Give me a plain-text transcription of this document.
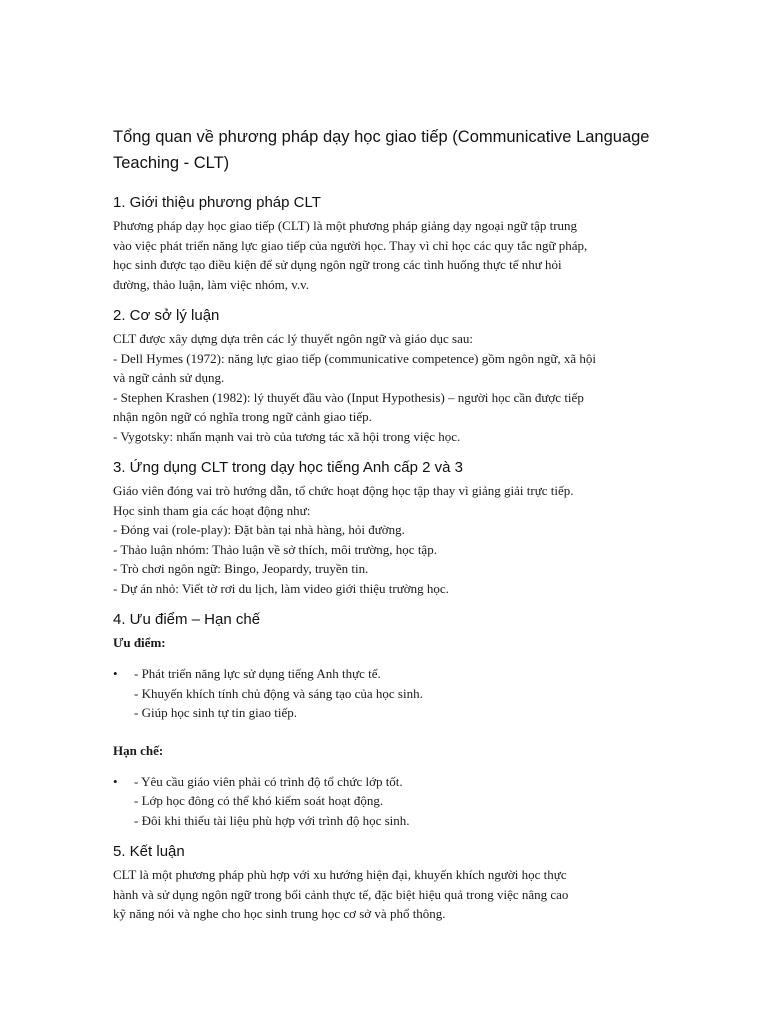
Tổng quan về phương pháp dạy học giao tiếp (Communicative Language
Teaching - CLT)
1. Giới thiệu phương pháp CLT
Phương pháp dạy học giao tiếp (CLT) là một phương pháp giảng dạy ngoại ngữ tập trung
vào việc phát triển năng lực giao tiếp của người học. Thay vì chỉ học các quy tắc ngữ pháp,
học sinh được tạo điều kiện để sử dụng ngôn ngữ trong các tình huống thực tế như hỏi
đường, thảo luận, làm việc nhóm, v.v.
2. Cơ sở lý luận
CLT được xây dựng dựa trên các lý thuyết ngôn ngữ và giáo dục sau:
- Dell Hymes (1972): năng lực giao tiếp (communicative competence) gồm ngôn ngữ, xã hội
và ngữ cảnh sử dụng.
- Stephen Krashen (1982): lý thuyết đầu vào (Input Hypothesis) – người học cần được tiếp
nhận ngôn ngữ có nghĩa trong ngữ cảnh giao tiếp.
- Vygotsky: nhấn mạnh vai trò của tương tác xã hội trong việc học.
3. Ứng dụng CLT trong dạy học tiếng Anh cấp 2 và 3
Giáo viên đóng vai trò hướng dẫn, tổ chức hoạt động học tập thay vì giảng giải trực tiếp.
Học sinh tham gia các hoạt động như:
- Đóng vai (role-play): Đặt bàn tại nhà hàng, hỏi đường.
- Thảo luận nhóm: Thảo luận về sở thích, môi trường, học tập.
- Trò chơi ngôn ngữ: Bingo, Jeopardy, truyền tin.
- Dự án nhỏ: Viết tờ rơi du lịch, làm video giới thiệu trường học.
4. Ưu điểm – Hạn chế
Ưu điểm:
• - Phát triển năng lực sử dụng tiếng Anh thực tế.
- Khuyến khích tính chủ động và sáng tạo của học sinh.
- Giúp học sinh tự tin giao tiếp.
Hạn chế:
• - Yêu cầu giáo viên phải có trình độ tổ chức lớp tốt.
- Lớp học đông có thể khó kiểm soát hoạt động.
- Đôi khi thiếu tài liệu phù hợp với trình độ học sinh.
5. Kết luận
CLT là một phương pháp phù hợp với xu hướng hiện đại, khuyến khích người học thực
hành và sử dụng ngôn ngữ trong bối cảnh thực tế, đặc biệt hiệu quả trong việc nâng cao
kỹ năng nói và nghe cho học sinh trung học cơ sở và phổ thông.
